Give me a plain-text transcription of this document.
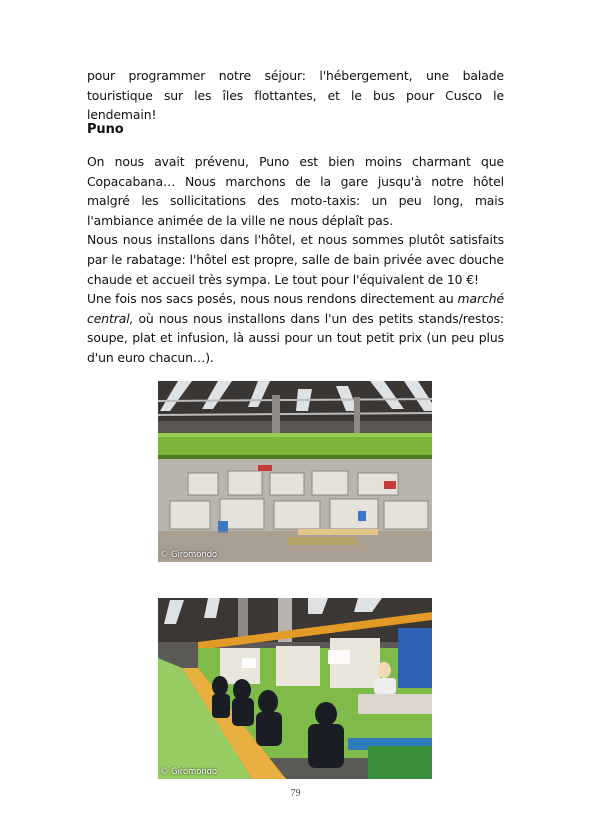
pour programmer notre séjour: l'hébergement, une balade touristique sur les îles flottantes, et le bus pour Cusco le lendemain!

Puno

On nous avait prévenu, Puno est bien moins charmant que Copacabana… Nous marchons de la gare jusqu'à notre hôtel malgré les sollicitations des moto-taxis: un peu long, mais l'ambiance animée de la ville ne nous déplaît pas.

Nous nous installons dans l'hôtel, et nous sommes plutôt satisfaits par le rabatage: l'hôtel est propre, salle de bain privée avec douche chaude et accueil très sympa. Le tout pour l'équivalent de 10 €!

Une fois nos sacs posés, nous nous rendons directement au marché central, où nous nous installons dans l'un des petits stands/restos: soupe, plat et infusion, là aussi pour un tout petit prix (un peu plus d'un euro chacun…).

© Giromondo
© Giromondo
79
